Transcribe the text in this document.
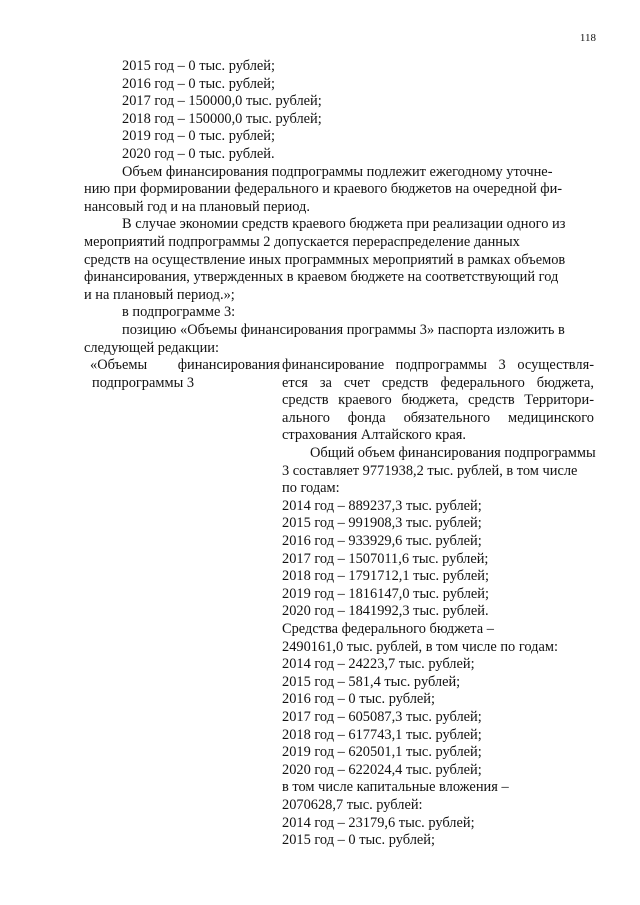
118
2015 год – 0 тыс. рублей;
2016 год – 0 тыс. рублей;
2017 год – 150000,0 тыс. рублей;
2018 год – 150000,0 тыс. рублей;
2019 год – 0 тыс. рублей;
2020 год – 0 тыс. рублей.
Объем финансирования подпрограммы подлежит ежегодному уточне-
нию при формировании федерального и краевого бюджетов на очередной фи-
нансовый год и на плановый период.
В случае экономии средств краевого бюджета при реализации одного из
мероприятий подпрограммы 2 допускается перераспределение данных
средств на осуществление иных программных мероприятий в рамках объемов
финансирования, утвержденных в краевом бюджете на соответствующий год
и на плановый период.»;
в подпрограмме 3:
позицию «Объемы финансирования программы 3» паспорта изложить в
следующей редакции:
«Объемы финансирования
подпрограммы 3
финансирование подпрограммы 3 осуществля-
ется за счет средств федерального бюджета,
средств краевого бюджета, средств Территори-
ального фонда обязательного медицинского
страхования Алтайского края.
Общий объем финансирования подпрограммы
3 составляет 9771938,2 тыс. рублей, в том числе
по годам:
2014 год – 889237,3 тыс. рублей;
2015 год – 991908,3 тыс. рублей;
2016 год – 933929,6 тыс. рублей;
2017 год – 1507011,6 тыс. рублей;
2018 год – 1791712,1 тыс. рублей;
2019 год – 1816147,0 тыс. рублей;
2020 год – 1841992,3 тыс. рублей.
Средства федерального бюджета –
2490161,0 тыс. рублей, в том числе по годам:
2014 год – 24223,7 тыс. рублей;
2015 год – 581,4 тыс. рублей;
2016 год – 0 тыс. рублей;
2017 год – 605087,3 тыс. рублей;
2018 год – 617743,1 тыс. рублей;
2019 год – 620501,1 тыс. рублей;
2020 год – 622024,4 тыс. рублей;
в том числе капитальные вложения –
2070628,7 тыс. рублей:
2014 год – 23179,6 тыс. рублей;
2015 год – 0 тыс. рублей;
